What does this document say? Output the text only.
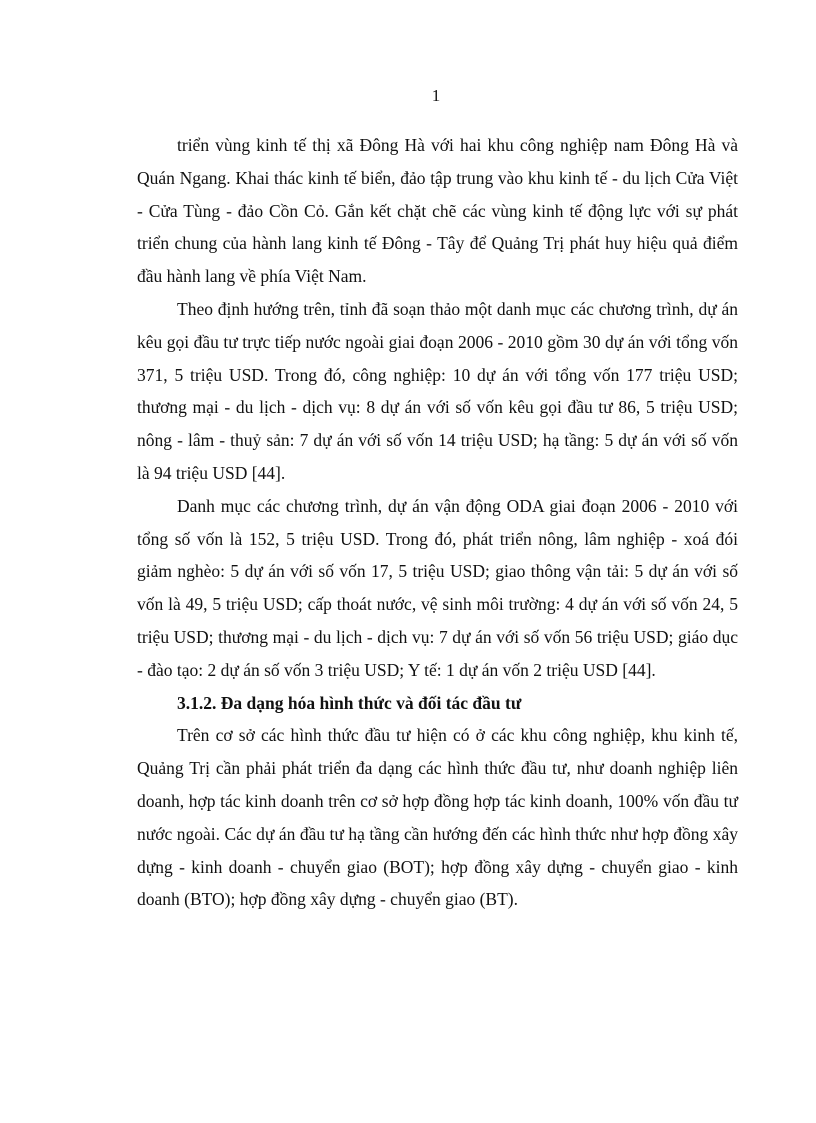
1

triển vùng kinh tế thị xã Đông Hà với hai khu công nghiệp nam Đông Hà và Quán Ngang. Khai thác kinh tế biển, đảo tập trung vào khu kinh tế - du lịch Cửa Việt - Cửa Tùng - đảo Cồn Cỏ. Gắn kết chặt chẽ các vùng kinh tế động lực với sự phát triển chung của hành lang kinh tế Đông - Tây để Quảng Trị phát huy hiệu quả điểm đầu hành lang về phía Việt Nam.

Theo định hướng trên, tỉnh đã soạn thảo một danh mục các chương trình, dự án kêu gọi đầu tư trực tiếp nước ngoài giai đoạn 2006 - 2010 gồm 30 dự án với tổng vốn 371, 5 triệu USD. Trong đó, công nghiệp: 10 dự án với tổng vốn 177 triệu USD; thương mại - du lịch - dịch vụ: 8 dự án với số vốn kêu gọi đầu tư 86, 5 triệu USD; nông - lâm - thuỷ sản: 7 dự án với số vốn 14 triệu USD; hạ tầng: 5 dự án với số vốn là 94 triệu USD [44].

Danh mục các chương trình, dự án vận động ODA giai đoạn 2006 - 2010 với tổng số vốn là 152, 5 triệu USD. Trong đó, phát triển nông, lâm nghiệp - xoá đói giảm nghèo: 5 dự án với số vốn 17, 5 triệu USD; giao thông vận tải: 5 dự án với số vốn là 49, 5 triệu USD; cấp thoát nước, vệ sinh môi trường: 4 dự án với số vốn 24, 5 triệu USD; thương mại - du lịch - dịch vụ: 7 dự án với số vốn 56 triệu USD; giáo dục - đào tạo: 2 dự án số vốn 3 triệu USD; Y tế: 1 dự án vốn 2 triệu USD [44].

3.1.2. Đa dạng hóa hình thức và đối tác đầu tư

Trên cơ sở các hình thức đầu tư hiện có ở các khu công nghiệp, khu kinh tế, Quảng Trị cần phải phát triển đa dạng các hình thức đầu tư, như doanh nghiệp liên doanh, hợp tác kinh doanh trên cơ sở hợp đồng hợp tác kinh doanh, 100% vốn đầu tư nước ngoài. Các dự án đầu tư hạ tầng cần hướng đến các hình thức như hợp đồng xây dựng - kinh doanh - chuyển giao (BOT); hợp đồng xây dựng - chuyển giao - kinh doanh (BTO); hợp đồng xây dựng - chuyển giao (BT).
